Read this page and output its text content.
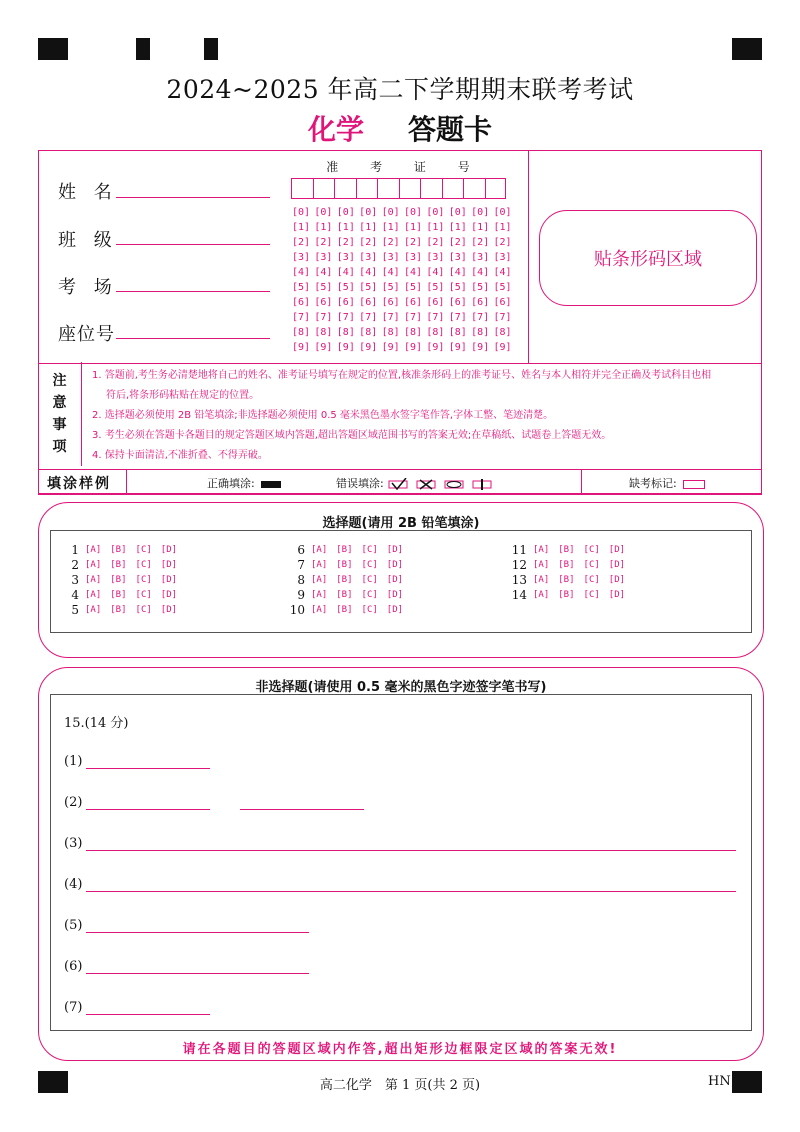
2024~2025 年高二下学期期末联考考试
化学 答题卡
姓 名
班 级
考 场
座位号
准 考 证 号
[0] [0] [0] [0] [0] [0] [0] [0] [0] [0]
[1] [1] [1] [1] [1] [1] [1] [1] [1] [1]
[2] [2] [2] [2] [2] [2] [2] [2] [2] [2]
[3] [3] [3] [3] [3] [3] [3] [3] [3] [3]
[4] [4] [4] [4] [4] [4] [4] [4] [4] [4]
[5] [5] [5] [5] [5] [5] [5] [5] [5] [5]
[6] [6] [6] [6] [6] [6] [6] [6] [6] [6]
[7] [7] [7] [7] [7] [7] [7] [7] [7] [7]
[8] [8] [8] [8] [8] [8] [8] [8] [8] [8]
[9] [9] [9] [9] [9] [9] [9] [9] [9] [9]
贴条形码区域
注
意
事
项

1. 答题前,考生务必清楚地将自己的姓名、准考证号填写在规定的位置,核准条形码上的准考证号、姓名与本人相符并完全正确及考试科目也相

符后,将条形码粘贴在规定的位置。

2. 选择题必须使用 2B 铅笔填涂;非选择题必须使用 0.5 毫米黑色墨水签字笔作答,字体工整、笔迹清楚。

3. 考生必须在答题卡各题目的规定答题区域内答题,超出答题区域范围书写的答案无效;在草稿纸、试题卷上答题无效。

4. 保持卡面清洁,不准折叠、不得弄破。

填涂样例	正确填涂:	错误填涂:	缺考标记:
选择题(请用 2B 铅笔填涂)
1 [A] [B] [C] [D]
2 [A] [B] [C] [D]
3 [A] [B] [C] [D]
4 [A] [B] [C] [D]
5 [A] [B] [C] [D]
6 [A] [B] [C] [D]
7 [A] [B] [C] [D]
8 [A] [B] [C] [D]
9 [A] [B] [C] [D]
10 [A] [B] [C] [D]
11 [A] [B] [C] [D]
12 [A] [B] [C] [D]
13 [A] [B] [C] [D]
14 [A] [B] [C] [D]
非选择题(请使用 0.5 毫米的黑色字迹签字笔书写)
15.(14 分)
(1)
(2)
(3)
(4)
(5)
(6)
(7)
请在各题目的答题区域内作答,超出矩形边框限定区域的答案无效!
高二化学　第 1 页(共 2 页)	HN
